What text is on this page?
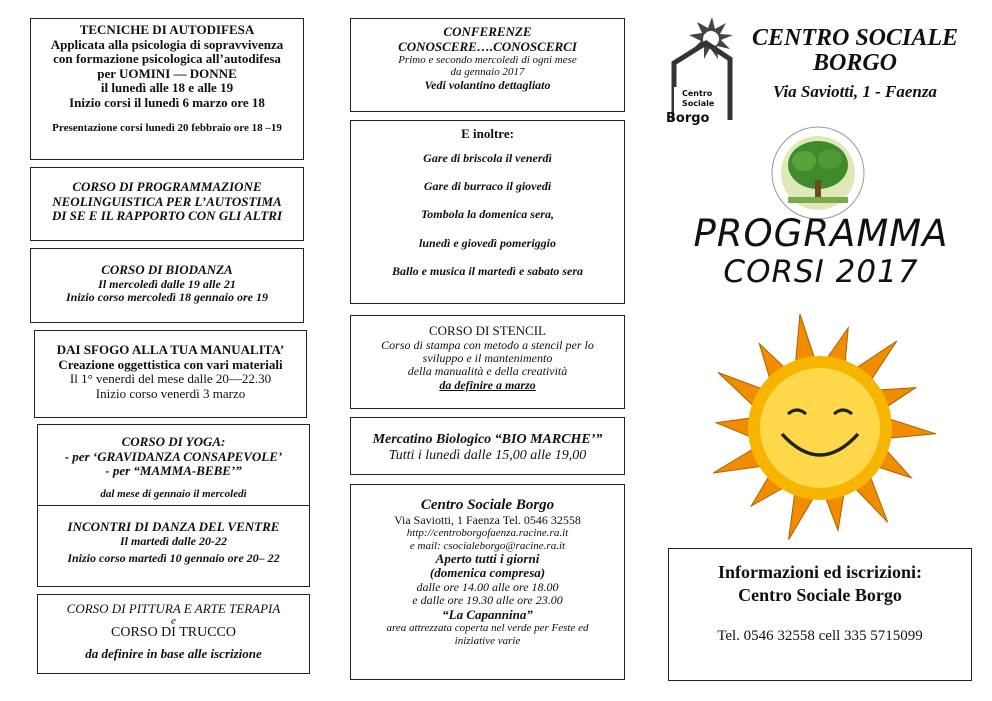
TECNICHE DI AUTODIFESA
Applicata alla psicologia di sopravvivenza
con formazione psicologica all’autodifesa
per UOMINI — DONNE
il lunedì alle 18 e alle 19
Inizio corsi il lunedì 6 marzo ore 18
Presentazione corsi lunedì 20 febbraio ore 18 –19
CORSO DI PROGRAMMAZIONE
NEOLINGUISTICA PER L’AUTOSTIMA
DI SE E IL RAPPORTO CON GLI ALTRI
CORSO DI BIODANZA
Il mercoledì dalle 19 alle 21
Inizio corso mercoledì 18 gennaio ore 19
DAI SFOGO ALLA TUA MANUALITA’
Creazione oggettistica con vari materiali
Il 1° venerdì del mese dalle 20—22.30
Inizio corso venerdì 3 marzo
CORSO DI YOGA:
- per ‘GRAVIDANZA CONSAPEVOLE’
- per “MAMMA-BEBE’”
dal mese di gennaio il mercoledì
INCONTRI DI DANZA DEL VENTRE
Il martedì dalle 20-22
Inizio corso martedì 10 gennaio ore 20– 22
CORSO DI PITTURA E ARTE TERAPIA
e
CORSO DI TRUCCO
da definire in base alle iscrizione
CONFERENZE
CONOSCERE….CONOSCERCI
Primo e secondo mercoledì di ogni mese
da gennaio 2017
Vedi volantino dettagliato
E inoltre:
Gare di briscola il venerdì
Gare di burraco il giovedì
Tombola la domenica sera,
lunedì e giovedì pomeriggio
Ballo e musica il martedì e sabato sera
CORSO DI STENCIL
Corso di stampa con metodo a stencil per lo
sviluppo e il mantenimento
della manualità e della creatività
da definire a marzo
Mercatino Biologico “BIO MARCHE’”
Tutti i lunedì dalle 15,00 alle 19,00
Centro Sociale Borgo
Via Saviotti, 1 Faenza Tel. 0546 32558
http://centroborgofaenza.racine.ra.it
e mail: csocialeborgo@racine.ra.it
Aperto tutti i giorni
(domenica compresa)
dalle ore 14.00 alle ore 18.00
e dalle ore 19.30 alle ore 23.00
“La Capannina”
area attrezzata coperta nel verde per Feste ed
iniziative varie
Centro
Sociale
Borgo
CENTRO SOCIALE
BORGO
Via Saviotti, 1 - Faenza
PROGRAMMA
CORSI 2017
Informazioni ed iscrizioni:
Centro Sociale Borgo
Tel. 0546 32558 cell 335 5715099
